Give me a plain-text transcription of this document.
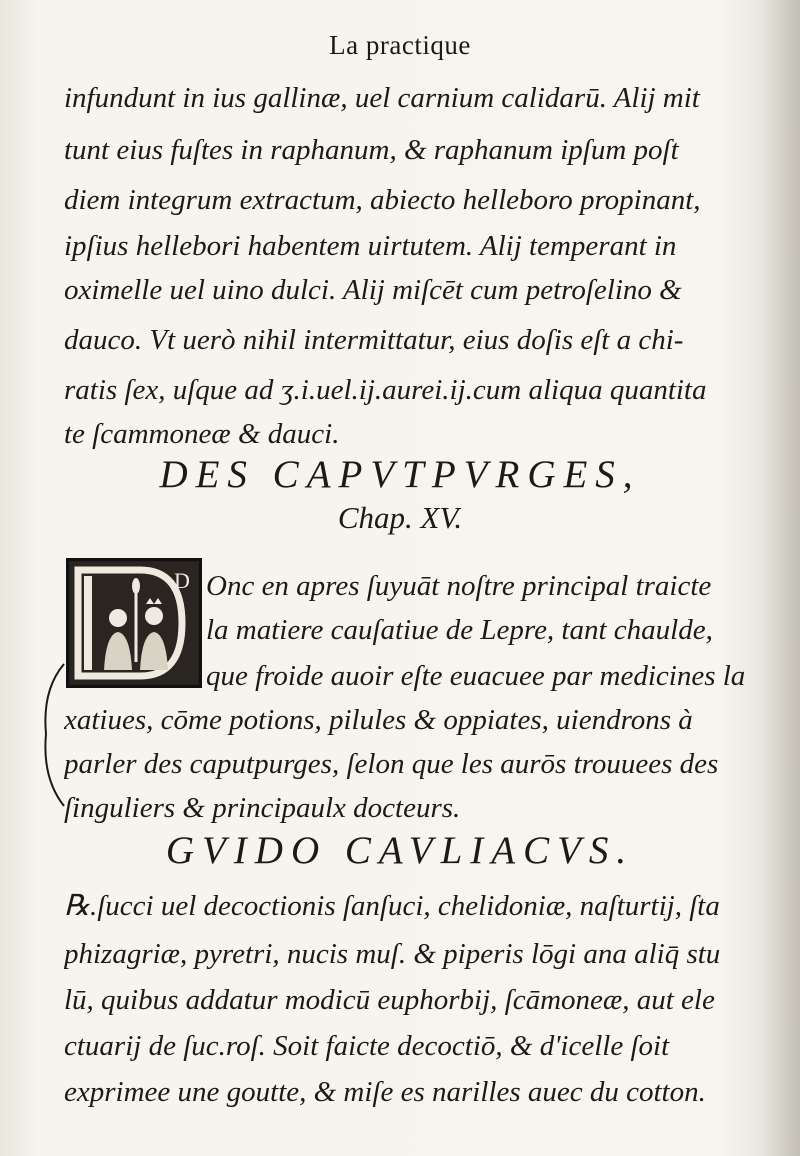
La practique
infundunt in ius gallinæ, uel carnium calidarū. Alij mit
tunt eius fuſtes in raphanum, & raphanum ipſum poſt
diem integrum extractum, abiecto helleboro propinant,
ipſius hellebori habentem uirtutem. Alij temperant in
oximelle uel uino dulci. Alij miſcēt cum petroſelino &
dauco. Vt uerò nihil intermittatur, eius doſis eſt a chi-
ratis ſex, uſque ad ʒ.i.uel.ij.aurei.ij.cum aliqua quantita
te ſcammoneæ & dauci.
DES CAPVTPVRGES,
Chap. XV.
D Onc en apres ſuyuāt noſtre principal traicte
la matiere cauſatiue de Lepre, tant chaulde,
que froide auoir eſte euacuee par medicines la
xatiues, cōme potions, pilules & oppiates, uiendrons à
parler des caputpurges, ſelon que les aurōs trouuees des
ſinguliers & principaulx docteurs.
GVIDO CAVLIACVS.
℞.ſucci uel decoctionis ſanſuci, chelidoniæ, naſturtij, ſta
phizagriæ, pyretri, nucis muſ. & piperis lōgi ana aliq̄ stu
lū, quibus addatur modicū euphorbij, ſcāmoneæ, aut ele
ctuarij de ſuc.roſ. Soit faicte decoctiō, & d'icelle ſoit
exprimee une goutte, & miſe es narilles auec du cotton.
